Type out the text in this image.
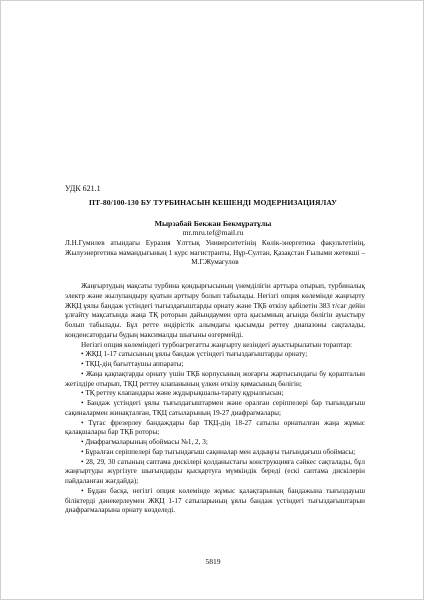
УДК 621.1
ПТ-80/100-130 БУ ТУРБИНАСЫН КЕШЕНДІ МОДЕРНИЗАЦИЯЛАУ
Мырзабай Бекжан Бекмұратұлы
mr.mru.tef@mail.ru
Л.Н.Гумилев атындағы Еуразия Ұлттық Университетінің Көлік-энергетика факультетінің, Жылуэнергетика мамандығының 1 курс магистранты, Нұр-Султан, Қазақстан Ғылыми жетекші – М.Г.Жумагулов

Жаңғыртудың мақсаты турбина қондырғысының үнемділігін арттыра отырып, турбиналық электр және жылуландыру қуатын арттыру болып табылады. Негізгі опция көлемінде жаңғырту ЖҚЦ ұялы бандаж үстіндегі тығыздағыштарды орнату және ТҚБ өткізу қабілетін 383 т/сағ дейін ұлғайту мақсатында жаңа ТҚ роторын дайындаумен орта қысымның ағында бөлігін ауыстыру болып табылады. Бұл ретте өндірістік алымдағы қысымды реттеу диапазоны сақталады, конденсатордағы будың максималды шығыны өзгермейді.

Негізгі опция көлеміндегі турбоагрегатты жаңғырту кезіндегі ауыстырылатын тораптар:

• ЖҚЦ 1-17 сатысының ұялы бандаж үстіндегі тығыздағыштарды орнату;

• ТҚЦ-дің бағыттаушы аппараты;

• Жаңа қақпақтарды орнату үшін ТҚБ корпусының жоғарғы жартысындағы бу қорапталын жетілдіре отырып, ТҚЦ реттеу клапанының үлкен өткізу қимасының бөлігін;

• ТҚ реттеу клапандары және жұдырықшалы-тарату құрылғысын;

• Бандаж үстіндегі ұялы тығыздағыштармен және оралған серіппелері бар тығындағыш сақиналармен жинақталған, ТҚЦ сатыларының 19-27 диафрагмалары;

• Тұтас фрезерлеу бандаждары бар ТҚЦ-дің 18-27 сатылы орнатылған жаңа жұмыс қалақшалары бар ТҚБ роторы;

• Диафрагмаларының обоймасы №1, 2, 3;

• Бұралған серіппелері бар тығындағыш сақиналар мен алдыңғы тығындағыш обоймасы;

• 28, 29, 30 сатының саптама дискілері қолданыстағы конструкцияға сәйкес сақталады, бұл жаңғыртуды жүргізуге шығындарды қысқартуға мүмкіндік береді (ескі саптама дискілерін пайдаланған жағдайда);

• Бұдан басқа, негізгі опция көлемінде жұмыс қалақтарының бандажына тығыздауыш біліктерді дәнекерлеумен ЖҚЦ 1-17 сатыларының ұялы бандаж үстіндегі тығыздағыштарын диафрагмаларына орнату көзделеді.

5819
